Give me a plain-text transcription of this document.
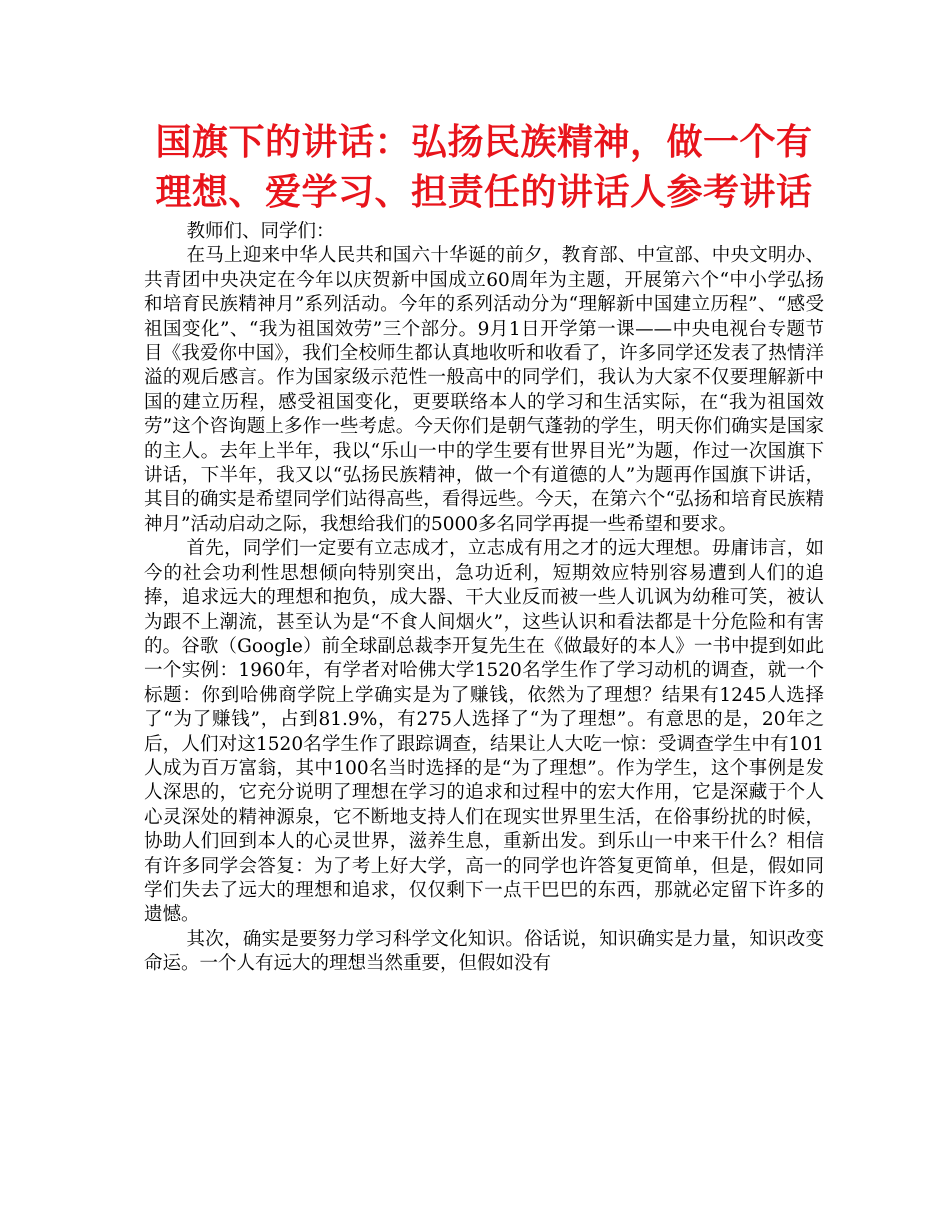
国旗下的讲话：弘扬民族精神，做一个有
理想、爱学习、担责任的讲话人参考讲话

教师们、同学们：

在马上迎来中华人民共和国六十华诞的前夕，教育部、中宣部、中央文明办、共青团中央决定在今年以庆贺新中国成立60周年为主题，开展第六个“中小学弘扬和培育民族精神月”系列活动。今年的系列活动分为“理解新中国建立历程”、“感受祖国变化”、“我为祖国效劳”三个部分。9月1日开学第一课——中央电视台专题节目《我爱你中国》，我们全校师生都认真地收听和收看了，许多同学还发表了热情洋溢的观后感言。作为国家级示范性一般高中的同学们，我认为大家不仅要理解新中国的建立历程，感受祖国变化，更要联络本人的学习和生活实际，在“我为祖国效劳”这个咨询题上多作一些考虑。今天你们是朝气蓬勃的学生，明天你们确实是国家的主人。去年上半年，我以“乐山一中的学生要有世界目光”为题，作过一次国旗下讲话，下半年，我又以“弘扬民族精神，做一个有道德的人”为题再作国旗下讲话，其目的确实是希望同学们站得高些，看得远些。今天，在第六个“弘扬和培育民族精神月”活动启动之际，我想给我们的5000多名同学再提一些希望和要求。

首先，同学们一定要有立志成才，立志成有用之才的远大理想。毋庸讳言，如今的社会功利性思想倾向特别突出，急功近利，短期效应特别容易遭到人们的追捧，追求远大的理想和抱负，成大器、干大业反而被一些人讥讽为幼稚可笑，被认为跟不上潮流，甚至认为是“不食人间烟火”，这些认识和看法都是十分危险和有害的。谷歌（Google）前全球副总裁李开复先生在《做最好的本人》一书中提到如此一个实例：1960年，有学者对哈佛大学1520名学生作了学习动机的调查，就一个标题：你到哈佛商学院上学确实是为了赚钱，依然为了理想？结果有1245人选择了“为了赚钱”，占到81.9%，有275人选择了“为了理想”。有意思的是，20年之后，人们对这1520名学生作了跟踪调查，结果让人大吃一惊：受调查学生中有101人成为百万富翁，其中100名当时选择的是“为了理想”。作为学生，这个事例是发人深思的，它充分说明了理想在学习的追求和过程中的宏大作用，它是深藏于个人心灵深处的精神源泉，它不断地支持人们在现实世界里生活，在俗事纷扰的时候，协助人们回到本人的心灵世界，滋养生息，重新出发。到乐山一中来干什么？相信有许多同学会答复：为了考上好大学，高一的同学也许答复更简单，但是，假如同学们失去了远大的理想和追求，仅仅剩下一点干巴巴的东西，那就必定留下许多的遗憾。

其次，确实是要努力学习科学文化知识。俗话说，知识确实是力量，知识改变命运。一个人有远大的理想当然重要，但假如没有
